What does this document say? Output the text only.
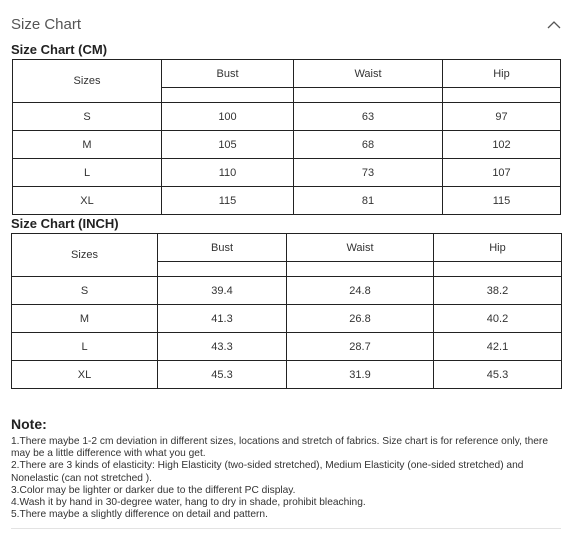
Size Chart
Size Chart (CM)
Sizes	Bust	Waist	Hip

S	100	63	97
M	105	68	102
L	110	73	107
XL	115	81	115
Size Chart (INCH)
Sizes	Bust	Waist	Hip

S	39.4	24.8	38.2
M	41.3	26.8	40.2
L	43.3	28.7	42.1
XL	45.3	31.9	45.3
Note:
1.There maybe 1-2 cm deviation in different sizes, locations and stretch of fabrics. Size chart is for reference only, there may be a little difference with what you get.
2.There are 3 kinds of elasticity: High Elasticity (two-sided stretched), Medium Elasticity (one-sided stretched) and Nonelastic (can not stretched ).
3.Color may be lighter or darker due to the different PC display.
4.Wash it by hand in 30-degree water, hang to dry in shade, prohibit bleaching.
5.There maybe a slightly difference on detail and pattern.
